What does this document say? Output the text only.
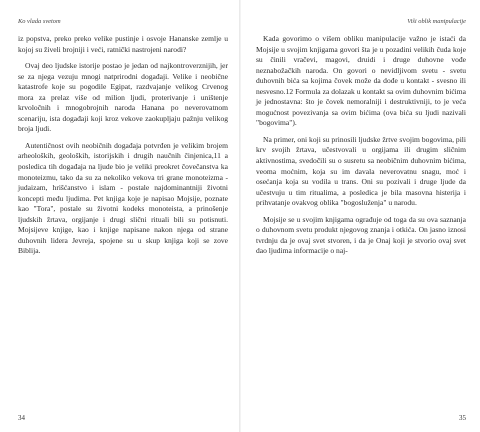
Ko vlada svetom

iz popstva, preko preko velike pustinje i osvoje Hananske zemlje u kojoj su živeli brojniji i veći, ratnički nastrojeni narodi?

Ovaj deo ljudske istorije postao je jedan od najkontroverznijih, jer se za njega vezuju mnogi natprirodni događaji. Velike i neobične katastrofe koje su pogodile Egipat, razdvajanje velikog Crvenog mora za prelaz više od milion ljudi, proterivanje i uništenje krvoločnih i mnogobrojnih naroda Hanana po neverovatnom scenariju, ista događaji koji kroz vekove zaokupljaju pažnju velikog broja ljudi.

Autentičnost ovih neobičnih događaja potvrđen je velikim brojem arheoloških, geoloških, istorijskih i drugih naučnih činjenica,11 a posledica tih događaja na ljude bio je veliki preokret čovečanstva ka monoteizmu, tako da su za nekoliko vekova tri grane monoteizma - judaizam, hrišćanstvo i islam - postale najdominantniji životni koncepti među ljudima. Pet knjiga koje je napisao Mojsije, poznate kao "Tora", postale su životni kodeks monoteista, a prinošenje ljudskih žrtava, orgijanje i drugi slični rituali bili su potisnuti. Mojsijeve knjige, kao i knjige napisane nakon njega od strane duhovnih lidera Jevreja, spojene su u skup knjiga koji se zove Biblija.

34
Viši oblik manipulacije

Kada govorimo o višem obliku manipulacije važno je istaći da Mojsije u svojim knjigama govori šta je u pozadini velikih čuda koje su činili vračevi, magovi, druidi i druge duhovne vođe neznabožačkih naroda. On govori o nevidljivom svetu - svetu duhovnih bića sa kojima čovek može da dođe u kontakt - svesno ili nesvesno.12 Formula za dolazak u kontakt sa ovim duhovnim bićima je jednostavna: što je čovek nemoralniji i destruktivniji, to je veća mogućnost povezivanja sa ovim bićima (ova bića su ljudi nazivali "bogovima").

Na primer, oni koji su prinosili ljudske žrtve svojim bogovima, pili krv svojih žrtava, učestvovali u orgijama ili drugim sličnim aktivnostima, svedočili su o susretu sa neobičnim duhovnim bićima, veoma moćnim, koja su im davala neverovatnu snagu, moć i osećanja koja su vodila u trans. Oni su pozivali i druge ljude da učestvuju u tim ritualima, a posledica je bila masovna histerija i prihvatanje ovakvog oblika "bogosluženja" u narodu.

Mojsije se u svojim knjigama ograđuje od toga da su ova saznanja o duhovnom svetu produkt njegovog znanja i otkića. On jasno iznosi tvrdnju da je ovaj svet stvoren, i da je Onaj koji je stvorio ovaj svet dao ljudima informacije o naj-

35
